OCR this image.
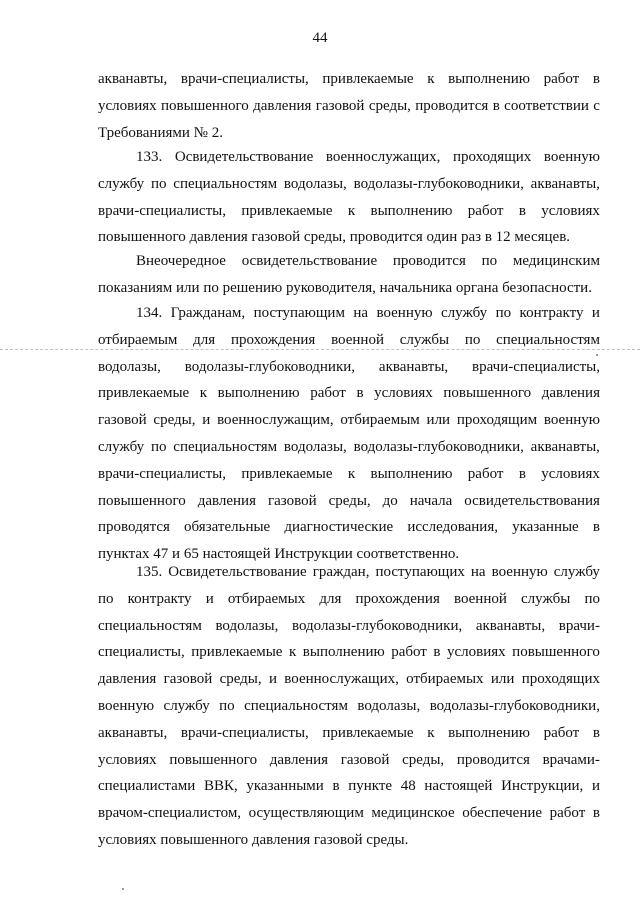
44
акванавты, врачи-специалисты, привлекаемые к выполнению работ в
условиях повышенного давления газовой среды, проводится в соответствии с
Требованиями № 2.
133. Освидетельствование военнослужащих, проходящих военную
службу по специальностям водолазы, водолазы-глубоководники, акванавты,
врачи-специалисты, привлекаемые к выполнению работ в условиях
повышенного давления газовой среды, проводится один раз в 12 месяцев.
Внеочередное освидетельствование проводится по медицинским
показаниям или по решению руководителя, начальника органа безопасности.
134. Гражданам, поступающим на военную службу по контракту и
отбираемым для прохождения военной службы по специальностям
водолазы, водолазы-глубоководники, акванавты, врачи-специалисты,
привлекаемые к выполнению работ в условиях повышенного давления
газовой среды, и военнослужащим, отбираемым или проходящим военную
службу по специальностям водолазы, водолазы-глубоководники, акванавты,
врачи-специалисты, привлекаемые к выполнению работ в условиях
повышенного давления газовой среды, до начала освидетельствования
проводятся обязательные диагностические исследования, указанные в
пунктах 47 и 65 настоящей Инструкции соответственно.
135. Освидетельствование граждан, поступающих на военную службу
по контракту и отбираемых для прохождения военной службы по
специальностям водолазы, водолазы-глубоководники, акванавты, врачи-
специалисты, привлекаемые к выполнению работ в условиях повышенного
давления газовой среды, и военнослужащих, отбираемых или проходящих
военную службу по специальностям водолазы, водолазы-глубоководники,
акванавты, врачи-специалисты, привлекаемые к выполнению работ в
условиях повышенного давления газовой среды, проводится врачами-
специалистами ВВК, указанными в пункте 48 настоящей Инструкции, и
врачом-специалистом, осуществляющим медицинское обеспечение работ в
условиях повышенного давления газовой среды.
